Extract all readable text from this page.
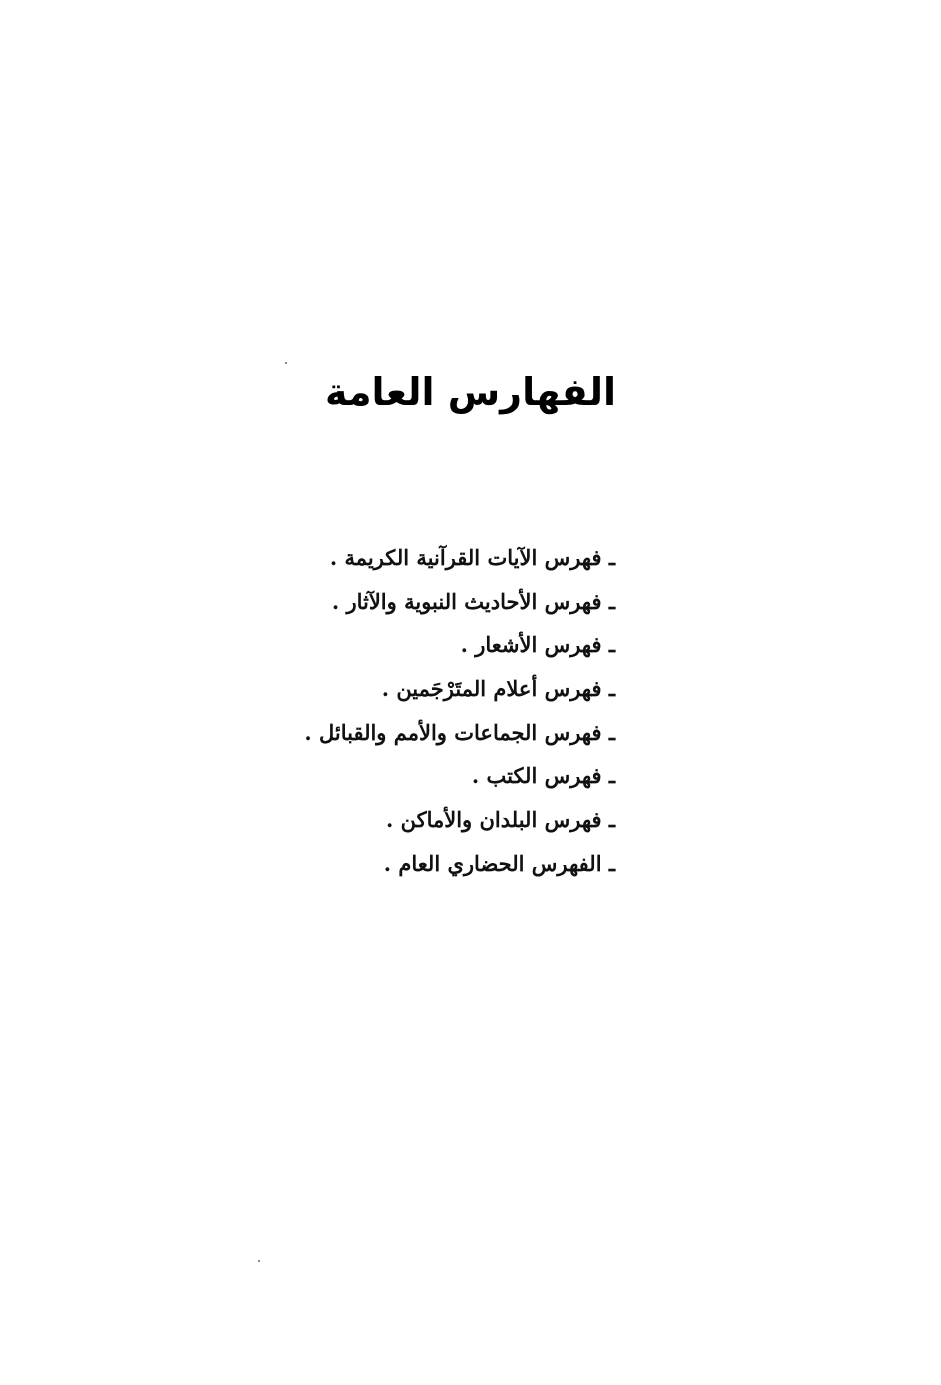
الفهارس العامة
ـ فهرس الآيات القرآنية الكريمة .
ـ فهرس الأحاديث النبوية والآثار .
ـ فهرس الأشعار .
ـ فهرس أعلام المتَرْجَمين .
ـ فهرس الجماعات والأمم والقبائل .
ـ فهرس الكتب .
ـ فهرس البلدان والأماكن .
ـ الفهرس الحضاري العام .
